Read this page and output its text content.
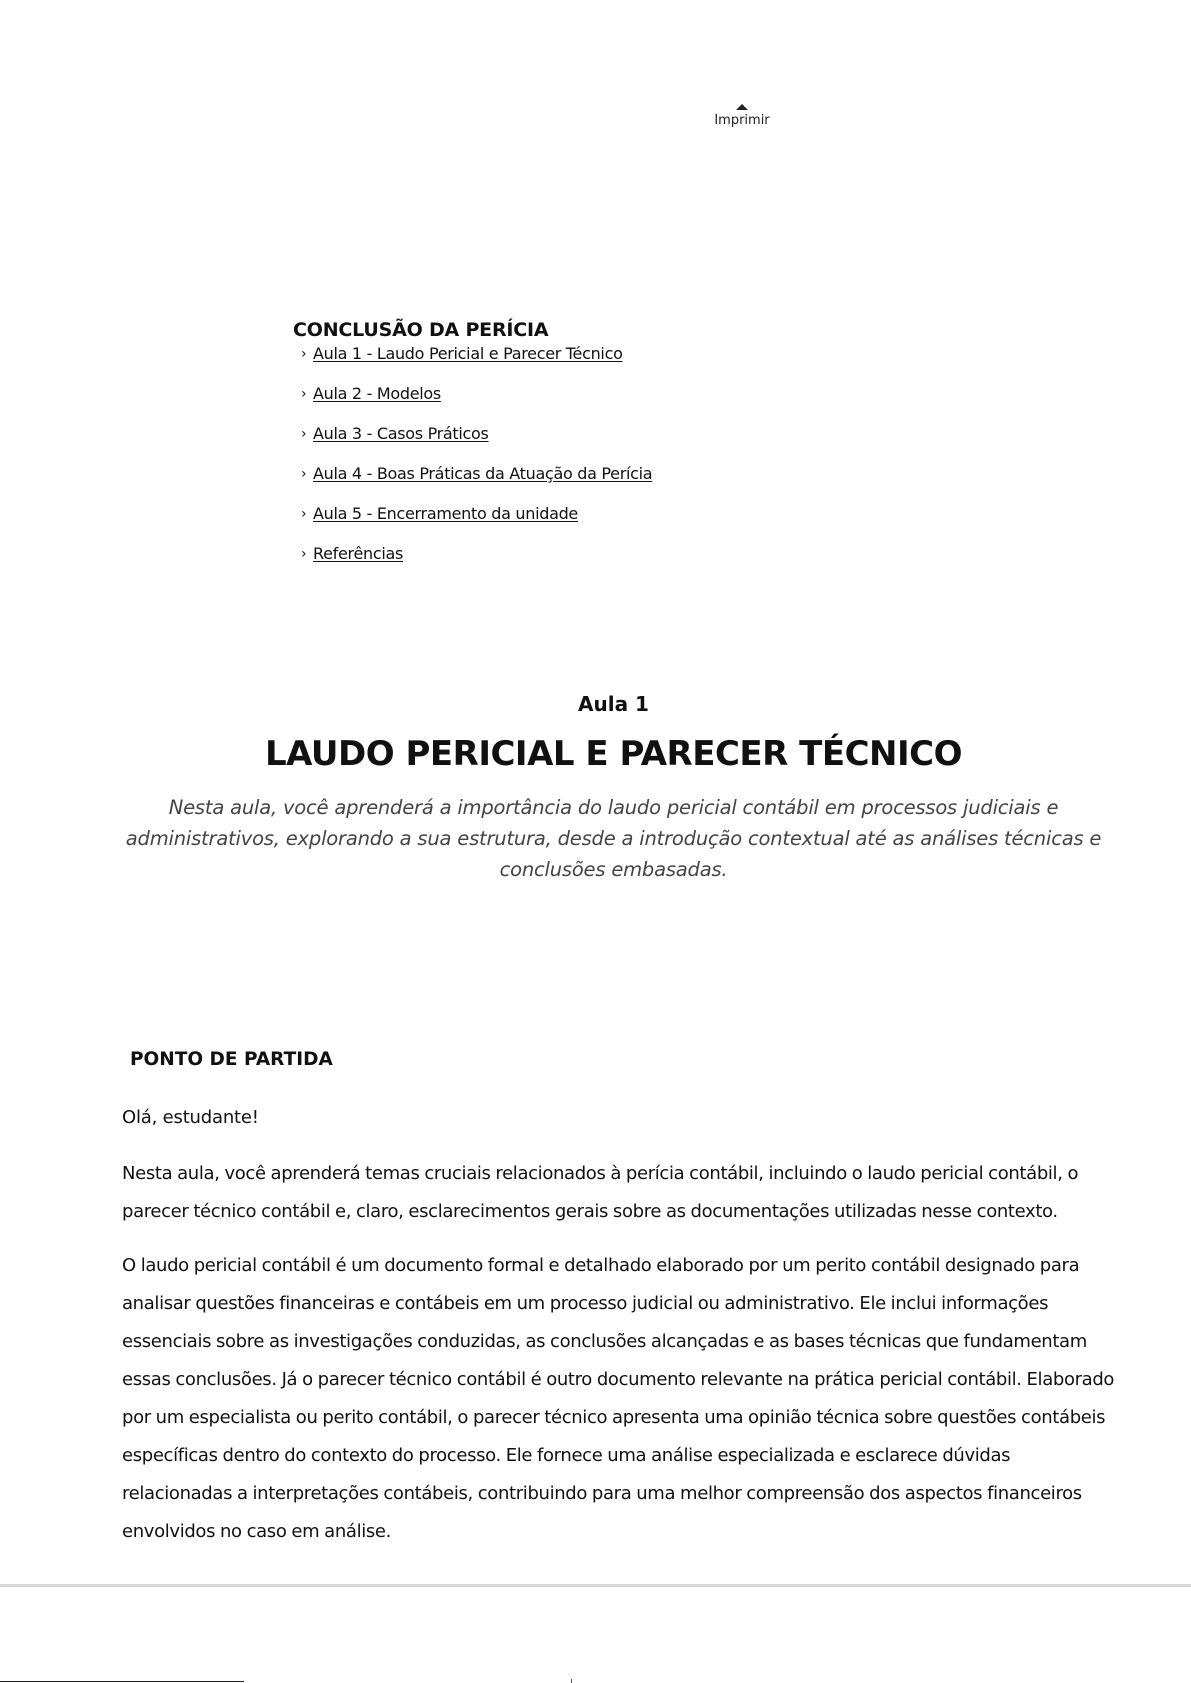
Imprimir
CONCLUSÃO DA PERÍCIA
› Aula 1 - Laudo Pericial e Parecer Técnico
› Aula 2 - Modelos
› Aula 3 - Casos Práticos
› Aula 4 - Boas Práticas da Atuação da Perícia
› Aula 5 - Encerramento da unidade
› Referências
Aula 1
LAUDO PERICIAL E PARECER TÉCNICO

Nesta aula, você aprenderá a importância do laudo pericial contábil em processos judiciais e administrativos, explorando a sua estrutura, desde a introdução contextual até as análises técnicas e conclusões embasadas.

PONTO DE PARTIDA

Olá, estudante!

Nesta aula, você aprenderá temas cruciais relacionados à perícia contábil, incluindo o laudo pericial contábil, o parecer técnico contábil e, claro, esclarecimentos gerais sobre as documentações utilizadas nesse contexto.

O laudo pericial contábil é um documento formal e detalhado elaborado por um perito contábil designado para analisar questões financeiras e contábeis em um processo judicial ou administrativo. Ele inclui informações essenciais sobre as investigações conduzidas, as conclusões alcançadas e as bases técnicas que fundamentam essas conclusões. Já o parecer técnico contábil é outro documento relevante na prática pericial contábil. Elaborado por um especialista ou perito contábil, o parecer técnico apresenta uma opinião técnica sobre questões contábeis específicas dentro do contexto do processo. Ele fornece uma análise especializada e esclarece dúvidas relacionadas a interpretações contábeis, contribuindo para uma melhor compreensão dos aspectos financeiros envolvidos no caso em análise.
